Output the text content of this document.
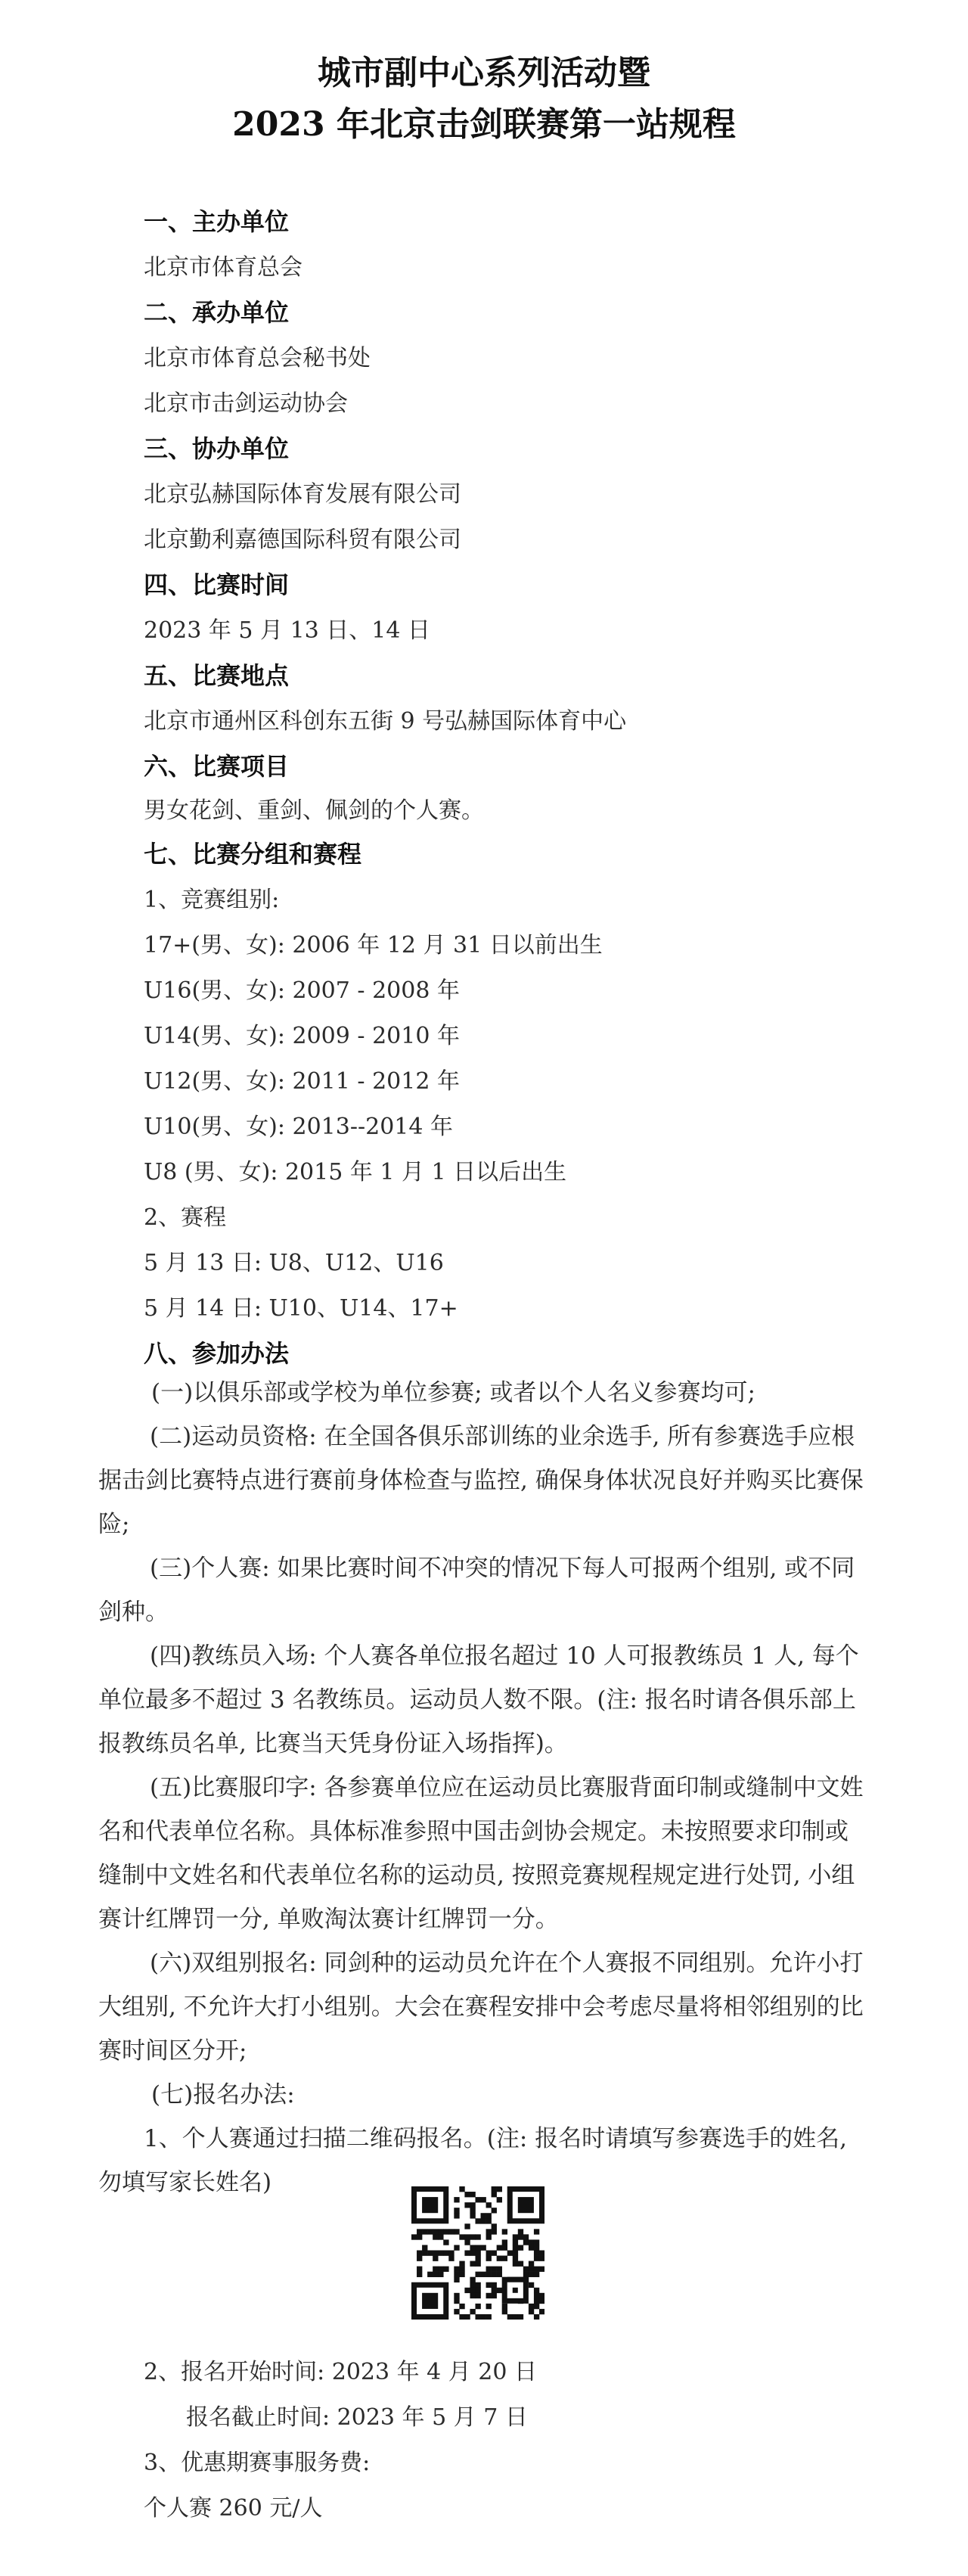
城市副中心系列活动暨
2023 年北京击剑联赛第一站规程
一、主办单位
北京市体育总会
二、承办单位
北京市体育总会秘书处
北京市击剑运动协会
三、协办单位
北京弘赫国际体育发展有限公司
北京勤利嘉德国际科贸有限公司
四、比赛时间
2023 年 5 月 13 日、14 日
五、比赛地点
北京市通州区科创东五街 9 号弘赫国际体育中心
六、比赛项目
男女花剑、重剑、佩剑的个人赛。
七、比赛分组和赛程
1、竞赛组别:
17+(男、女): 2006 年 12 月 31 日以前出生
U16(男、女): 2007 - 2008 年
U14(男、女): 2009 - 2010 年
U12(男、女): 2011 - 2012 年
U10(男、女): 2013--2014 年
U8 (男、女): 2015 年 1 月 1 日以后出生
2、赛程
5 月 13 日: U8、U12、U16
5 月 14 日: U10、U14、17+
八、参加办法
(一)以俱乐部或学校为单位参赛; 或者以个人名义参赛均可;
(二)运动员资格: 在全国各俱乐部训练的业余选手, 所有参赛选手应根据击剑比赛特点进行赛前身体检查与监控, 确保身体状况良好并购买比赛保险;
(三)个人赛: 如果比赛时间不冲突的情况下每人可报两个组别, 或不同剑种。
(四)教练员入场: 个人赛各单位报名超过 10 人可报教练员 1 人, 每个单位最多不超过 3 名教练员。运动员人数不限。(注: 报名时请各俱乐部上报教练员名单, 比赛当天凭身份证入场指挥)。
(五)比赛服印字: 各参赛单位应在运动员比赛服背面印制或缝制中文姓名和代表单位名称。具体标准参照中国击剑协会规定。未按照要求印制或缝制中文姓名和代表单位名称的运动员, 按照竞赛规程规定进行处罚, 小组赛计红牌罚一分, 单败淘汰赛计红牌罚一分。
(六)双组别报名: 同剑种的运动员允许在个人赛报不同组别。允许小打大组别, 不允许大打小组别。大会在赛程安排中会考虑尽量将相邻组别的比赛时间区分开;
(七)报名办法:
1、个人赛通过扫描二维码报名。(注: 报名时请填写参赛选手的姓名, 勿填写家长姓名)
2、报名开始时间: 2023 年 4 月 20 日
报名截止时间: 2023 年 5 月 7 日
3、优惠期赛事服务费:
个人赛 260 元/人
